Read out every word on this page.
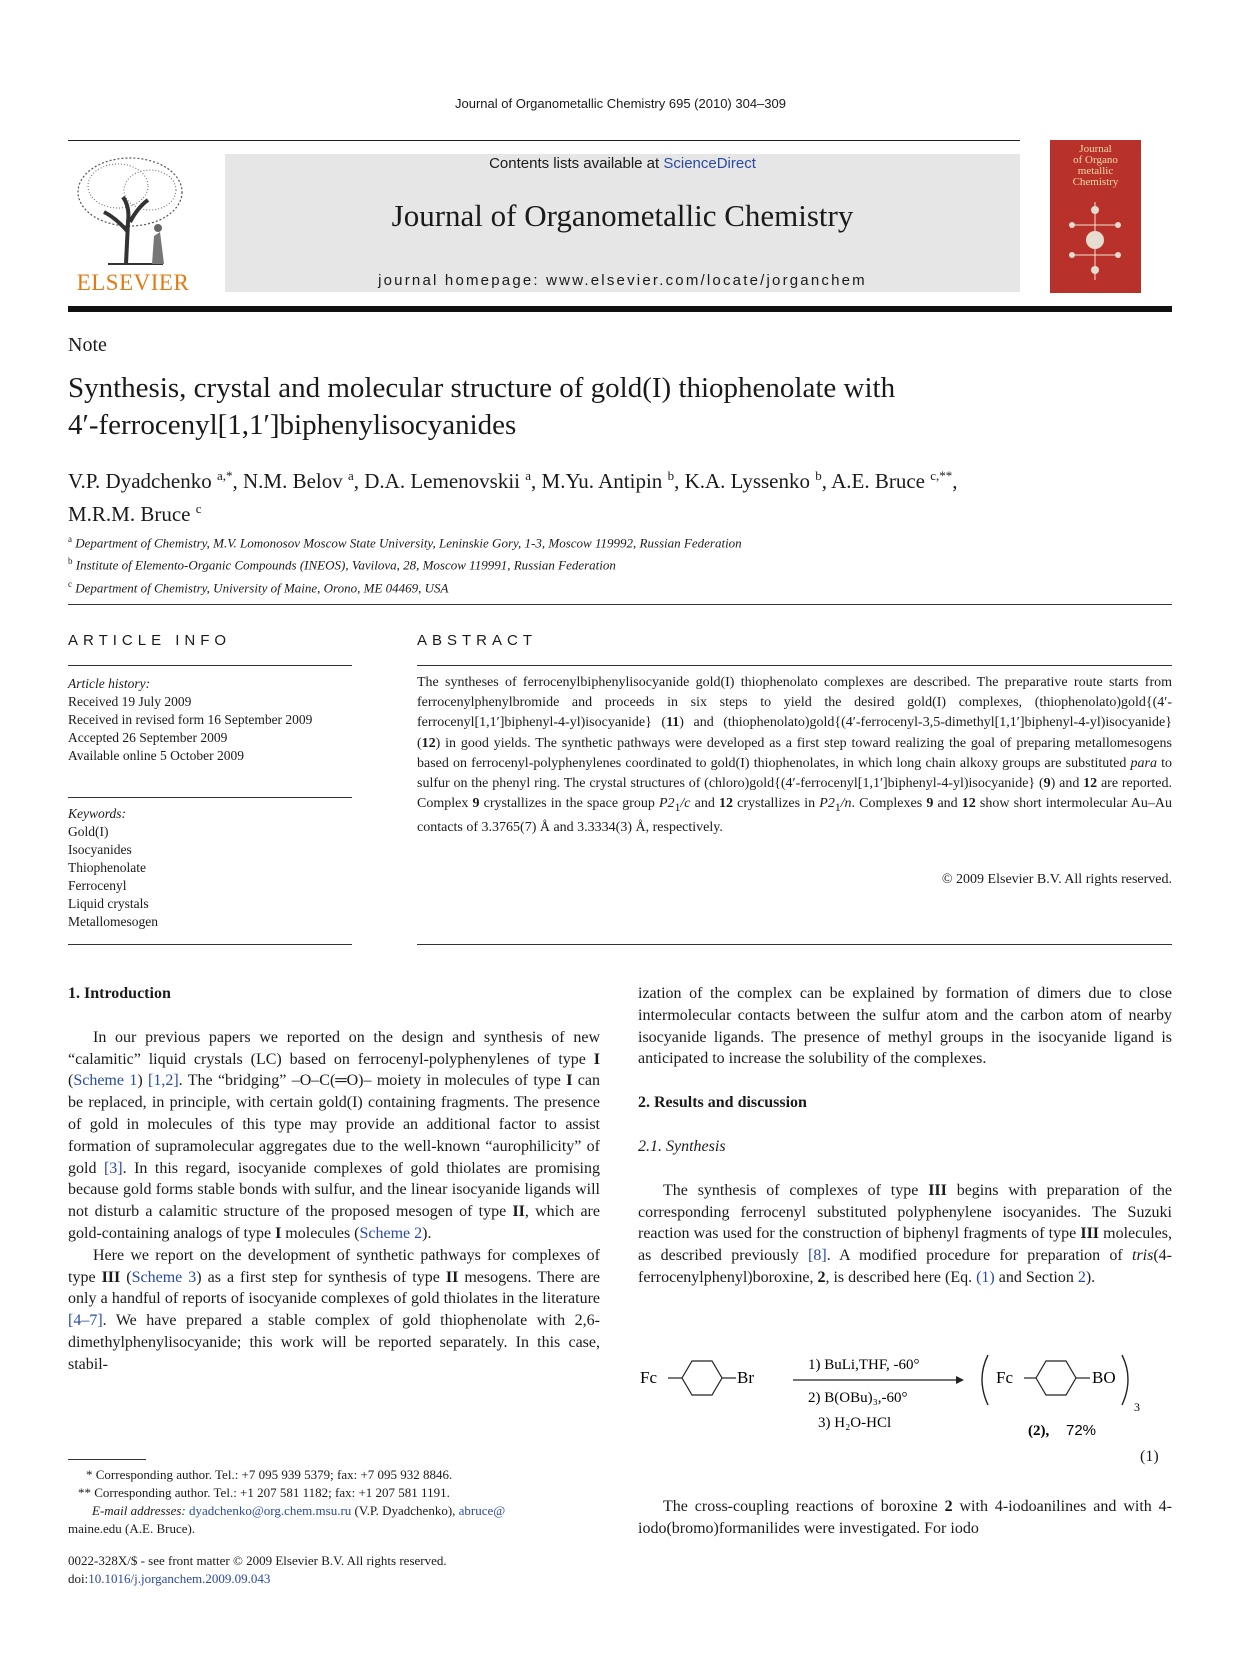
Journal of Organometallic Chemistry 695 (2010) 304–309
ELSEVIER
Contents lists available at ScienceDirect
Journal of Organometallic Chemistry
journal homepage: www.elsevier.com/locate/jorganchem
Journal
of Organo
metallic
Chemistry
Note
Synthesis, crystal and molecular structure of gold(I) thiophenolate with
4′-ferrocenyl[1,1′]biphenylisocyanides
V.P. Dyadchenko $^{a,*}$, N.M. Belov $^a$, D.A. Lemenovskii $^a$, M.Yu. Antipin $^b$, K.A. Lyssenko $^b$, A.E. Bruce $^{c,**}$,
M.R.M. Bruce $^c$
$^a$ Department of Chemistry, M.V. Lomonosov Moscow State University, Leninskie Gory, 1-3, Moscow 119992, Russian Federation
$^b$ Institute of Elemento-Organic Compounds (INEOS), Vavilova, 28, Moscow 119991, Russian Federation
$^c$ Department of Chemistry, University of Maine, Orono, ME 04469, USA
ARTICLE INFO	ABSTRACT
Article history:
Received 19 July 2009
Received in revised form 16 September 2009
Accepted 26 September 2009
Available online 5 October 2009
Keywords:
Gold(I)
Isocyanides
Thiophenolate
Ferrocenyl
Liquid crystals
Metallomesogen
The syntheses of ferrocenylbiphenylisocyanide gold(I) thiophenolato complexes are described. The preparative route starts from ferrocenylphenylbromide and proceeds in six steps to yield the desired gold(I) complexes, (thiophenolato)gold{(4′-ferrocenyl[1,1′]biphenyl-4-yl)isocyanide} (11) and (thiophenolato)gold{(4′-ferrocenyl-3,5-dimethyl[1,1′]biphenyl-4-yl)isocyanide} (12) in good yields. The synthetic pathways were developed as a first step toward realizing the goal of preparing metallomesogens based on ferrocenyl-polyphenylenes coordinated to gold(I) thiophenolates, in which long chain alkoxy groups are substituted para to sulfur on the phenyl ring. The crystal structures of (chloro)gold{(4′-ferrocenyl[1,1′]biphenyl-4-yl)isocyanide} (9) and 12 are reported. Complex 9 crystallizes in the space group $P2_1/c$ and 12 crystallizes in $P2_1/n$. Complexes 9 and 12 show short intermolecular Au–Au contacts of 3.3765(7) Å and 3.3334(3) Å, respectively.
© 2009 Elsevier B.V. All rights reserved.

1. Introduction

In our previous papers we reported on the design and synthesis of new “calamitic” liquid crystals (LC) based on ferrocenyl-polyphenylenes of type I (Scheme 1) [1,2]. The “bridging” –O–C(═O)– moiety in molecules of type I can be replaced, in principle, with certain gold(I) containing fragments. The presence of gold in molecules of this type may provide an additional factor to assist formation of supramolecular aggregates due to the well-known “aurophilicity” of gold [3]. In this regard, isocyanide complexes of gold thiolates are promising because gold forms stable bonds with sulfur, and the linear isocyanide ligands will not disturb a calamitic structure of the proposed mesogen of type II, which are gold-containing analogs of type I molecules (Scheme 2).

Here we report on the development of synthetic pathways for complexes of type III (Scheme 3) as a first step for synthesis of type II mesogens. There are only a handful of reports of isocyanide complexes of gold thiolates in the literature [4–7]. We have prepared a stable complex of gold thiophenolate with 2,6-dimethylphenylisocyanide; this work will be reported separately. In this case, stabil-

ization of the complex can be explained by formation of dimers due to close intermolecular contacts between the sulfur atom and the carbon atom of nearby isocyanide ligands. The presence of methyl groups in the isocyanide ligand is anticipated to increase the solubility of the complexes.

2. Results and discussion

2.1. Synthesis

The synthesis of complexes of type III begins with preparation of the corresponding ferrocenyl substituted polyphenylene isocyanides. The Suzuki reaction was used for the construction of biphenyl fragments of type III molecules, as described previously [8]. A modified procedure for preparation of tris(4-ferrocenylphenyl)boroxine, 2, is described here (Eq. (1) and Section 2).

Fc	Br
1) BuLi,THF, -60°
2) B(OBu)₃,-60°
3) H₂O-HCl
Fc	BO
3
(2), 72%
(1)

The cross-coupling reactions of boroxine 2 with 4-iodoanilines and with 4-iodo(bromo)formanilides were investigated. For iodo

* Corresponding author. Tel.: +7 095 939 5379; fax: +7 095 932 8846.
** Corresponding author. Tel.: +1 207 581 1182; fax: +1 207 581 1191.
E-mail addresses: dyadchenko@org.chem.msu.ru (V.P. Dyadchenko), abruce@
maine.edu (A.E. Bruce).
0022-328X/$ - see front matter © 2009 Elsevier B.V. All rights reserved.
doi:10.1016/j.jorganchem.2009.09.043
